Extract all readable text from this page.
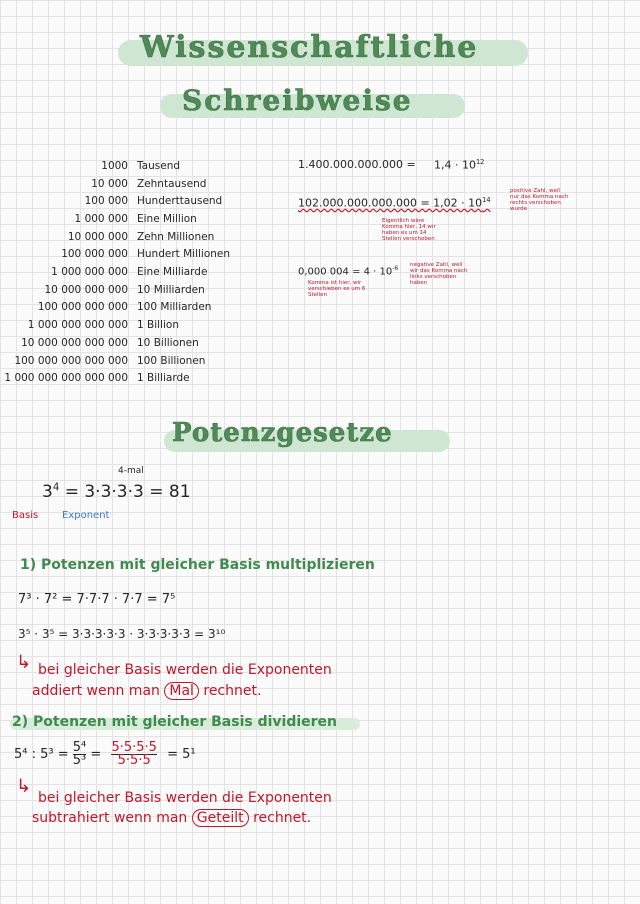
Wissenschaftliche
Schreibweise
1000 Tausend
10 000 Zehntausend
100 000 Hunderttausend
1 000 000 Eine Million
10 000 000 Zehn Millionen
100 000 000 Hundert Millionen
1 000 000 000 Eine Milliarde
10 000 000 000 10 Milliarden
100 000 000 000 100 Milliarden
1 000 000 000 000 1 Billion
10 000 000 000 000 10 Billionen
100 000 000 000 000 100 Billionen
1 000 000 000 000 000 1 Billiarde
$1.400.000.000.000 = 1,4 \cdot 10^{12}$
$102.000.000.000.000 = 1,02 \cdot 10^{14}$
positive Zahl, weil nur das Komma nach rechts verschoben wurde
Eigentlich wäre Komma hier, 14 wir haben es um 14 Stellen verschoben
0,000 $004 = 4 \cdot 10^{-6}$ negative Zahl, weil wir das Komma nach links verschoben haben
Komma ist hier, wir verschieben es um 6 Stellen
Potenzgesetze
4-mal
$3^4 = 3\cdot 3\cdot 3\cdot 3 = 81$
Basis Exponent
1) Potenzen mit gleicher Basis multiplizieren
7³ · 7² = 7·7·7 · 7·7 = 7⁵
3⁵ · 3⁵ = 3·3·3·3·3 · 3·3·3·3·3 = 3¹⁰
↳ bei gleicher Basis werden die Exponenten
addiert wenn man Mal rechnet.
2) Potenzen mit gleicher Basis dividieren
5⁴ : $5^3 = \frac{\text{5⁴}}{\text{5³}} = \frac{5\cdot 5\cdot 5\cdot 5}{5\cdot 5\cdot 5} = 5^1$
↳
bei gleicher Basis werden die Exponenten
subtrahiert wenn man Geteilt rechnet.
